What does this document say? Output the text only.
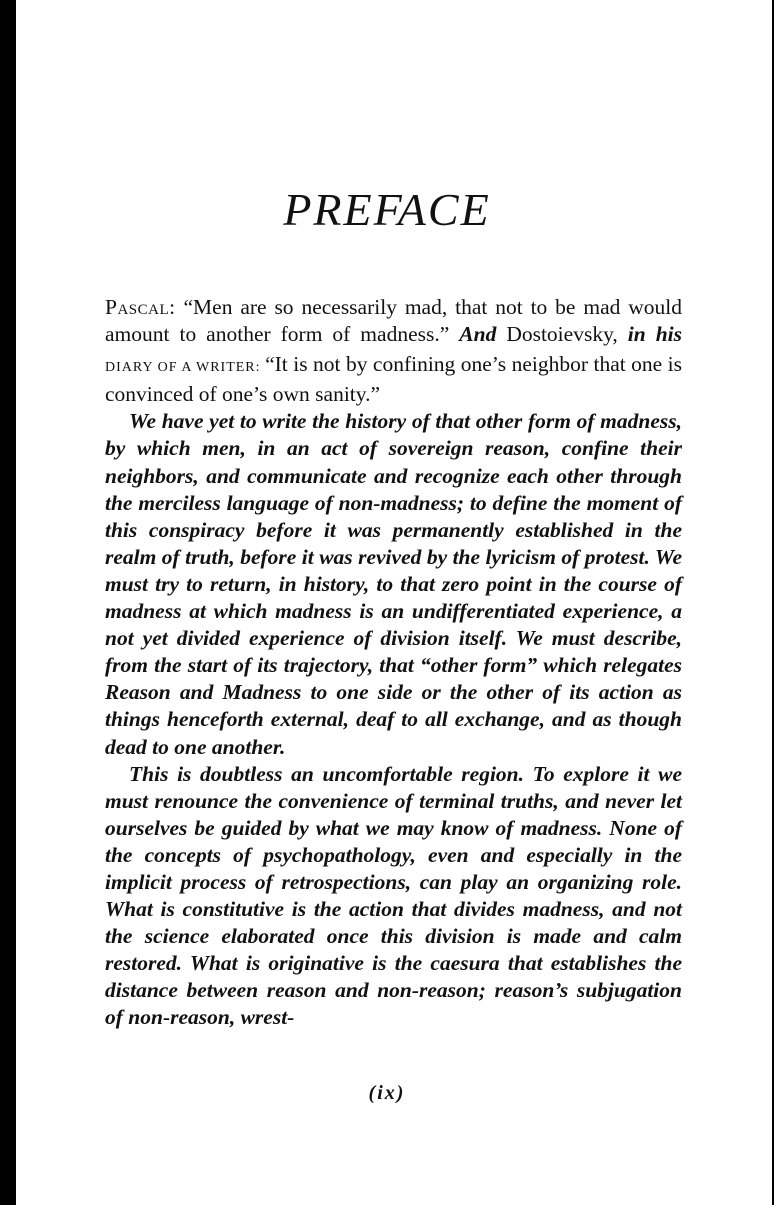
PREFACE

Pascal: “Men are so necessarily mad, that not to be mad would amount to another form of madness.” And Dostoievsky, in his DIARY OF A WRITER: “It is not by confining one’s neighbor that one is convinced of one’s own sanity.”

We have yet to write the history of that other form of madness, by which men, in an act of sovereign reason, confine their neighbors, and communicate and recognize each other through the merciless language of non-madness; to define the moment of this conspiracy before it was permanently established in the realm of truth, before it was revived by the lyricism of protest. We must try to return, in history, to that zero point in the course of madness at which madness is an undifferentiated experience, a not yet divided experience of division itself. We must describe, from the start of its trajectory, that “other form” which relegates Reason and Madness to one side or the other of its action as things henceforth external, deaf to all exchange, and as though dead to one another.

This is doubtless an uncomfortable region. To explore it we must renounce the convenience of terminal truths, and never let ourselves be guided by what we may know of madness. None of the concepts of psychopathology, even and especially in the implicit process of retrospections, can play an organizing role. What is constitutive is the action that divides madness, and not the science elaborated once this division is made and calm restored. What is originative is the caesura that establishes the distance between reason and non-reason; reason’s subjugation of non-reason, wrest-

(ix)
